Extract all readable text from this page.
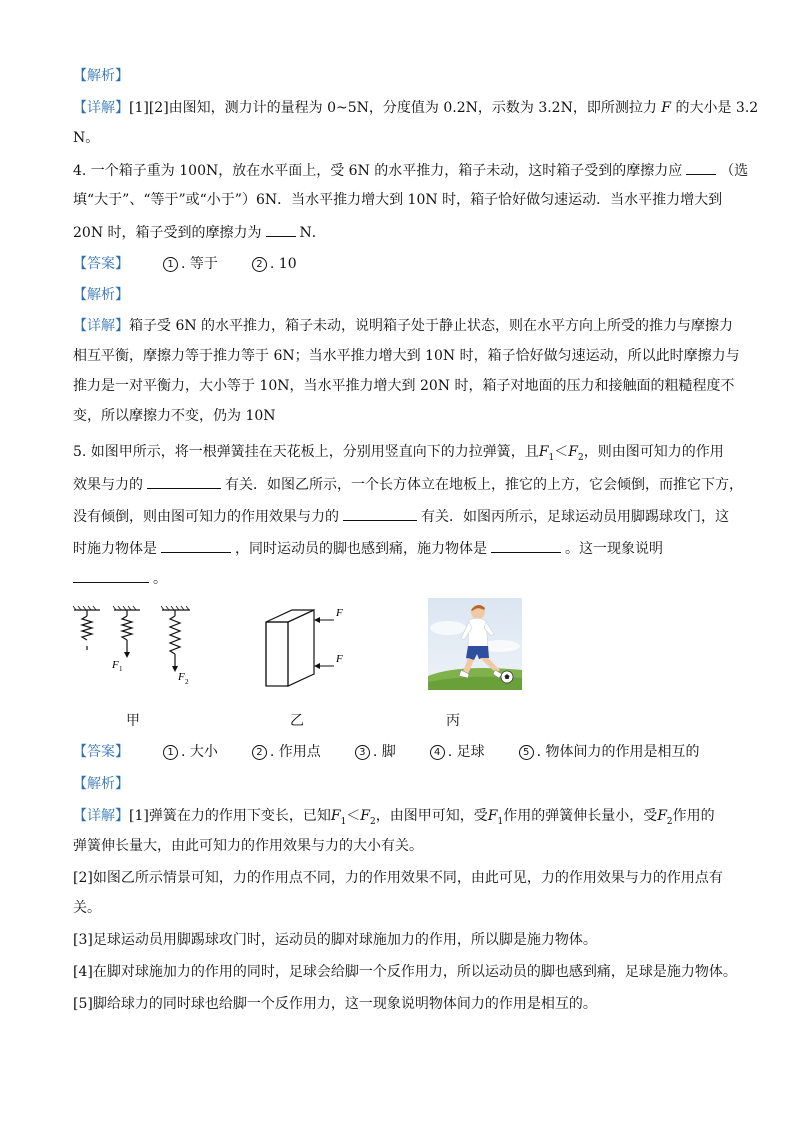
【解析】
【详解】[1][2]由图知，测力计的量程为 0~5N，分度值为 0.2N，示数为 3.2N，即所测拉力 F 的大小是 3.2
N。
4. 一个箱子重为 100N，放在水平面上，受 6N 的水平推力，箱子未动，这时箱子受到的摩擦力应	（选
填“大于”、“等于”或“小于”）6N．当水平推力增大到 10N 时，箱子恰好做匀速运动．当水平推力增大到
20N 时，箱子受到的摩擦力为	N．
【答案】	1 . 等于	2 . 10
【解析】
【详解】箱子受 6N 的水平推力，箱子未动，说明箱子处于静止状态，则在水平方向上所受的推力与摩擦力
相互平衡，摩擦力等于推力等于 6N；当水平推力增大到 10N 时，箱子恰好做匀速运动，所以此时摩擦力与
推力是一对平衡力，大小等于 10N，当水平推力增大到 20N 时，箱子对地面的压力和接触面的粗糙程度不
变，所以摩擦力不变，仍为 10N
5. 如图甲所示，将一根弹簧挂在天花板上，分别用竖直向下的力拉弹簧，且$F_1<F_2$，则由图可知力的作用
效果与力的	有关．如图乙所示，一个长方体立在地板上，推它的上方，它会倾倒，而推它下方，
没有倾倒，则由图可知力的作用效果与力的	有关．如图丙所示，足球运动员用脚踢球攻门，这
时施力物体是	，同时运动员的脚也感到痛，施力物体是	。这一现象说明
。
F 1
F 2
F
F
甲	乙	丙
【答案】	1 . 大小	2 . 作用点	3 . 脚	4 . 足球	5 . 物体间力的作用是相互的
【解析】
【详解】[1]弹簧在力的作用下变长，已知$F_1<F_2$，由图甲可知，受$F_1$作用的弹簧伸长量小，受$F_2$作用的
弹簧伸长量大，由此可知力的作用效果与力的大小有关。
[2]如图乙所示情景可知，力的作用点不同，力的作用效果不同，由此可见，力的作用效果与力的作用点有
关。
[3]足球运动员用脚踢球攻门时，运动员的脚对球施加力的作用，所以脚是施力物体。
[4]在脚对球施加力的作用的同时，足球会给脚一个反作用力，所以运动员的脚也感到痛，足球是施力物体。
[5]脚给球力的同时球也给脚一个反作用力，这一现象说明物体间力的作用是相互的。
